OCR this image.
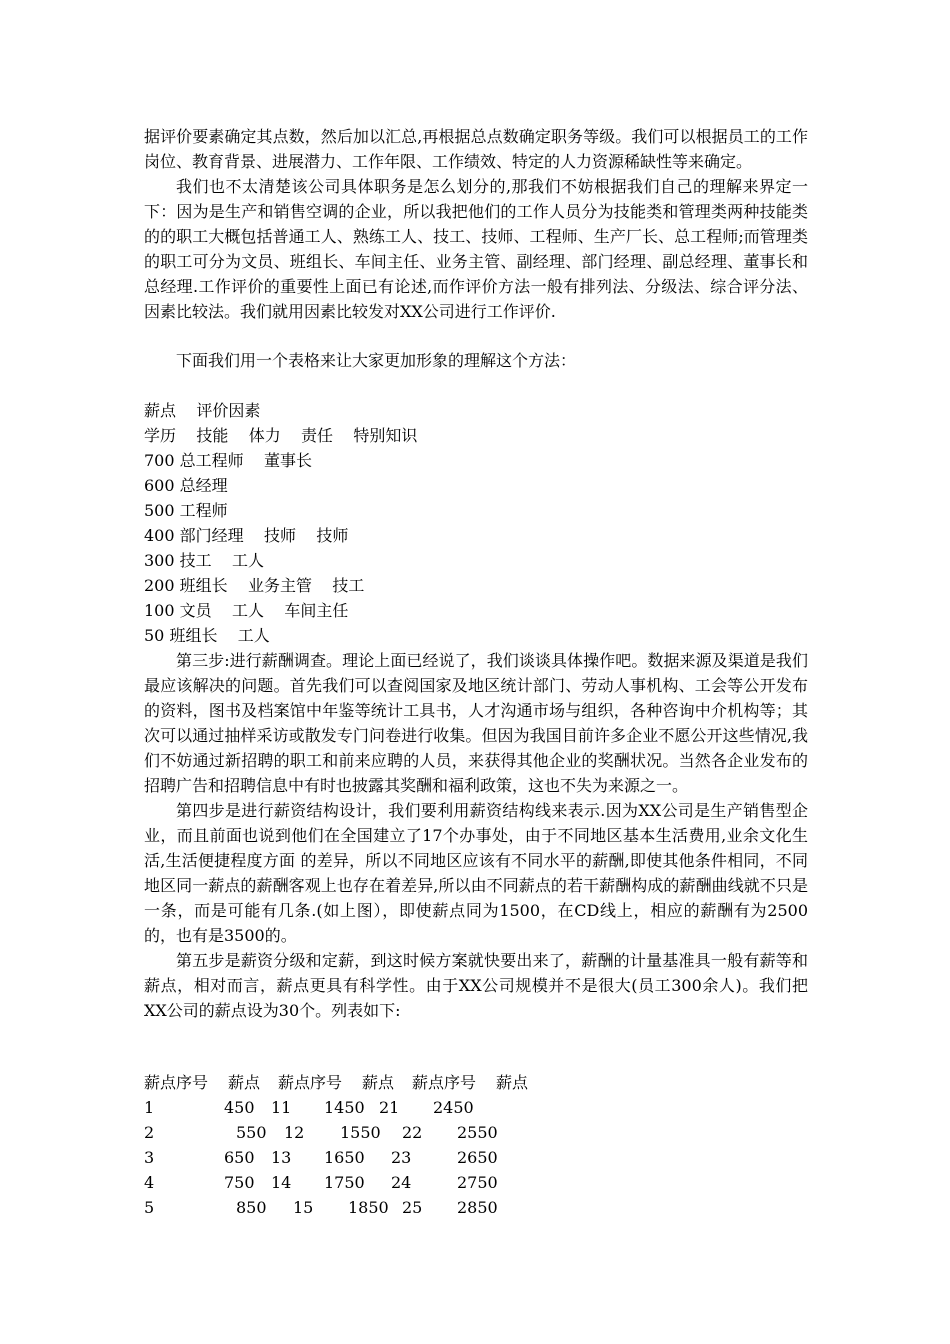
据评价要素确定其点数，然后加以汇总,再根据总点数确定职务等级。我们可以根据员工的工作岗位、教育背景、进展潜力、工作年限、工作绩效、特定的人力资源稀缺性等来确定。

我们也不太清楚该公司具体职务是怎么划分的,那我们不妨根据我们自己的理解来界定一下：因为是生产和销售空调的企业，所以我把他们的工作人员分为技能类和管理类两种技能类的的职工大概包括普通工人、熟练工人、技工、技师、工程师、生产厂长、总工程师;而管理类的职工可分为文员、班组长、车间主任、业务主管、副经理、部门经理、副总经理、董事长和总经理.工作评价的重要性上面已有论述,而作评价方法一般有排列法、分级法、综合评分法、因素比较法。我们就用因素比较发对XX公司进行工作评价.

下面我们用一个表格来让大家更加形象的理解这个方法：

薪点    评价因素
学历    技能    体力    责任    特别知识
700 总工程师    董事长
600 总经理
500 工程师
400 部门经理    技师    技师
300 技工    工人
200 班组长    业务主管    技工
100 文员    工人    车间主任
50 班组长    工人

第三步:进行薪酬调查。理论上面已经说了，我们谈谈具体操作吧。数据来源及渠道是我们最应该解决的问题。首先我们可以查阅国家及地区统计部门、劳动人事机构、工会等公开发布的资料，图书及档案馆中年鉴等统计工具书，人才沟通市场与组织，各种咨询中介机构等；其次可以通过抽样采访或散发专门问卷进行收集。但因为我国目前许多企业不愿公开这些情况,我们不妨通过新招聘的职工和前来应聘的人员，来获得其他企业的奖酬状况。当然各企业发布的招聘广告和招聘信息中有时也披露其奖酬和福利政策，这也不失为来源之一。

第四步是进行薪资结构设计，我们要利用薪资结构线来表示.因为XX公司是生产销售型企业，而且前面也说到他们在全国建立了17个办事处，由于不同地区基本生活费用,业余文化生活,生活便捷程度方面 的差异，所以不同地区应该有不同水平的薪酬,即使其他条件相同，不同地区同一薪点的薪酬客观上也存在着差异,所以由不同薪点的若干薪酬构成的薪酬曲线就不只是一条，而是可能有几条.(如上图），即使薪点同为1500，在CD线上，相应的薪酬有为2500的，也有是3500的。

第五步是薪资分级和定薪，到这时候方案就快要出来了，薪酬的计量基准具一般有薪等和薪点，相对而言，薪点更具有科学性。由于XX公司规模并不是很大(员工300余人)。我们把XX公司的薪点设为30个。列表如下:

薪点序号 薪点 薪点序号 薪点 薪点序号 薪点
1	450 11 1450 21 2450
2	550 12 1550 22 2550
3	650 13 1650 23	2650
4	750 14 1750 24	2750
5	850 15 1850 25 2850
